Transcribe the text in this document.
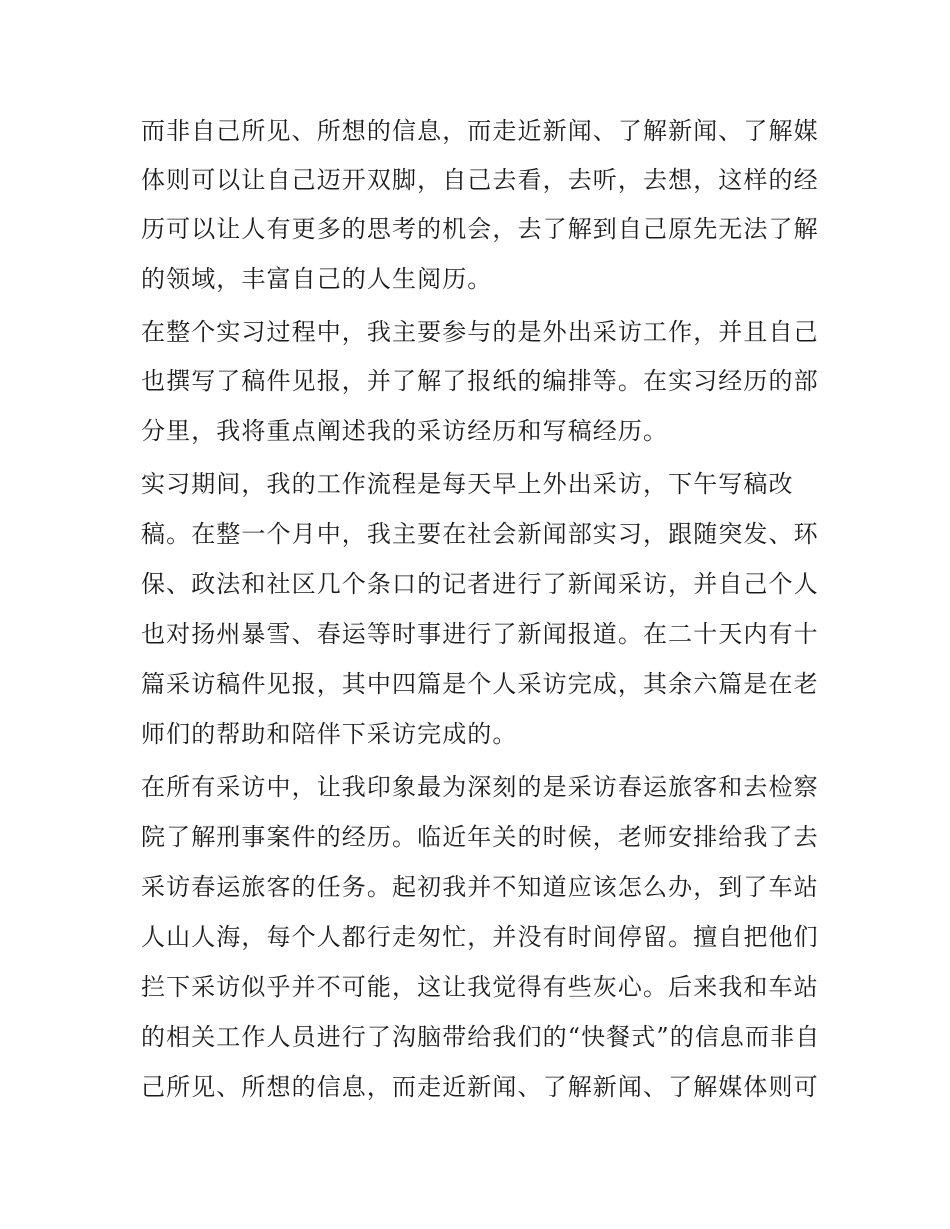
而非自己所见、所想的信息，而走近新闻、了解新闻、了解媒
体则可以让自己迈开双脚，自己去看，去听，去想，这样的经
历可以让人有更多的思考的机会，去了解到自己原先无法了解
的领域，丰富自己的人生阅历。
在整个实习过程中，我主要参与的是外出采访工作，并且自己
也撰写了稿件见报，并了解了报纸的编排等。在实习经历的部
分里，我将重点阐述我的采访经历和写稿经历。
实习期间，我的工作流程是每天早上外出采访，下午写稿改
稿。在整一个月中，我主要在社会新闻部实习，跟随突发、环
保、政法和社区几个条口的记者进行了新闻采访，并自己个人
也对扬州暴雪、春运等时事进行了新闻报道。在二十天内有十
篇采访稿件见报，其中四篇是个人采访完成，其余六篇是在老
师们的帮助和陪伴下采访完成的。
在所有采访中，让我印象最为深刻的是采访春运旅客和去检察
院了解刑事案件的经历。临近年关的时候，老师安排给我了去
采访春运旅客的任务。起初我并不知道应该怎么办，到了车站
人山人海，每个人都行走匆忙，并没有时间停留。擅自把他们
拦下采访似乎并不可能，这让我觉得有些灰心。后来我和车站
的相关工作人员进行了沟脑带给我们的“快餐式”的信息而非自
己所见、所想的信息，而走近新闻、了解新闻、了解媒体则可
